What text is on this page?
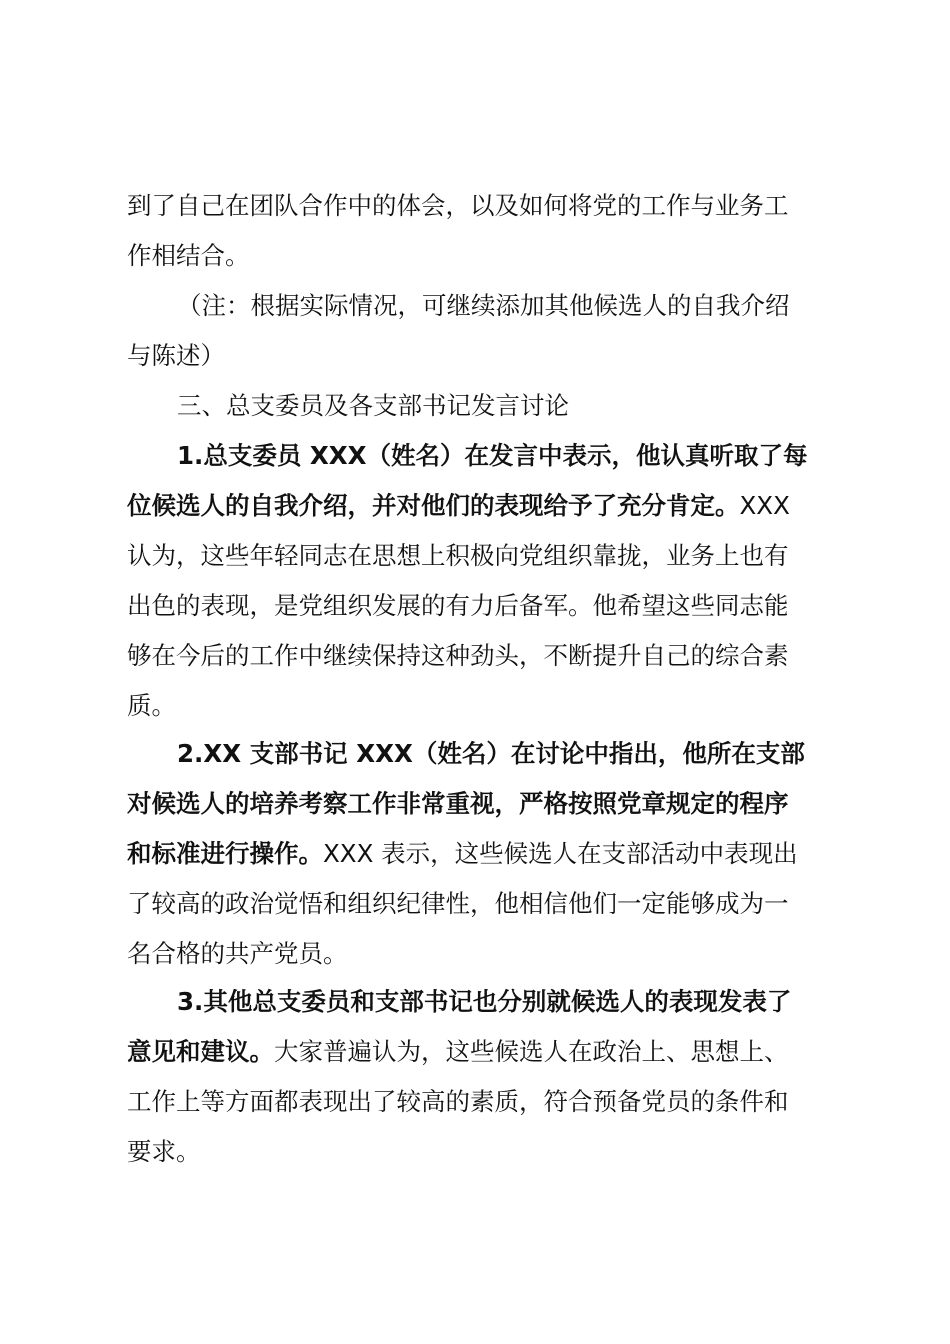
到了自己在团队合作中的体会，以及如何将党的工作与业务工
作相结合。
（注：根据实际情况，可继续添加其他候选人的自我介绍
与陈述）
三、总支委员及各支部书记发言讨论
1.总支委员 XXX（姓名）在发言中表示，他认真听取了每
位候选人的自我介绍，并对他们的表现给予了充分肯定。XXX
认为，这些年轻同志在思想上积极向党组织靠拢，业务上也有
出色的表现，是党组织发展的有力后备军。他希望这些同志能
够在今后的工作中继续保持这种劲头，不断提升自己的综合素
质。
2.XX 支部书记 XXX（姓名）在讨论中指出，他所在支部
对候选人的培养考察工作非常重视，严格按照党章规定的程序
和标准进行操作。XXX 表示，这些候选人在支部活动中表现出
了较高的政治觉悟和组织纪律性，他相信他们一定能够成为一
名合格的共产党员。
3.其他总支委员和支部书记也分别就候选人的表现发表了
意见和建议。大家普遍认为，这些候选人在政治上、思想上、
工作上等方面都表现出了较高的素质，符合预备党员的条件和
要求。
